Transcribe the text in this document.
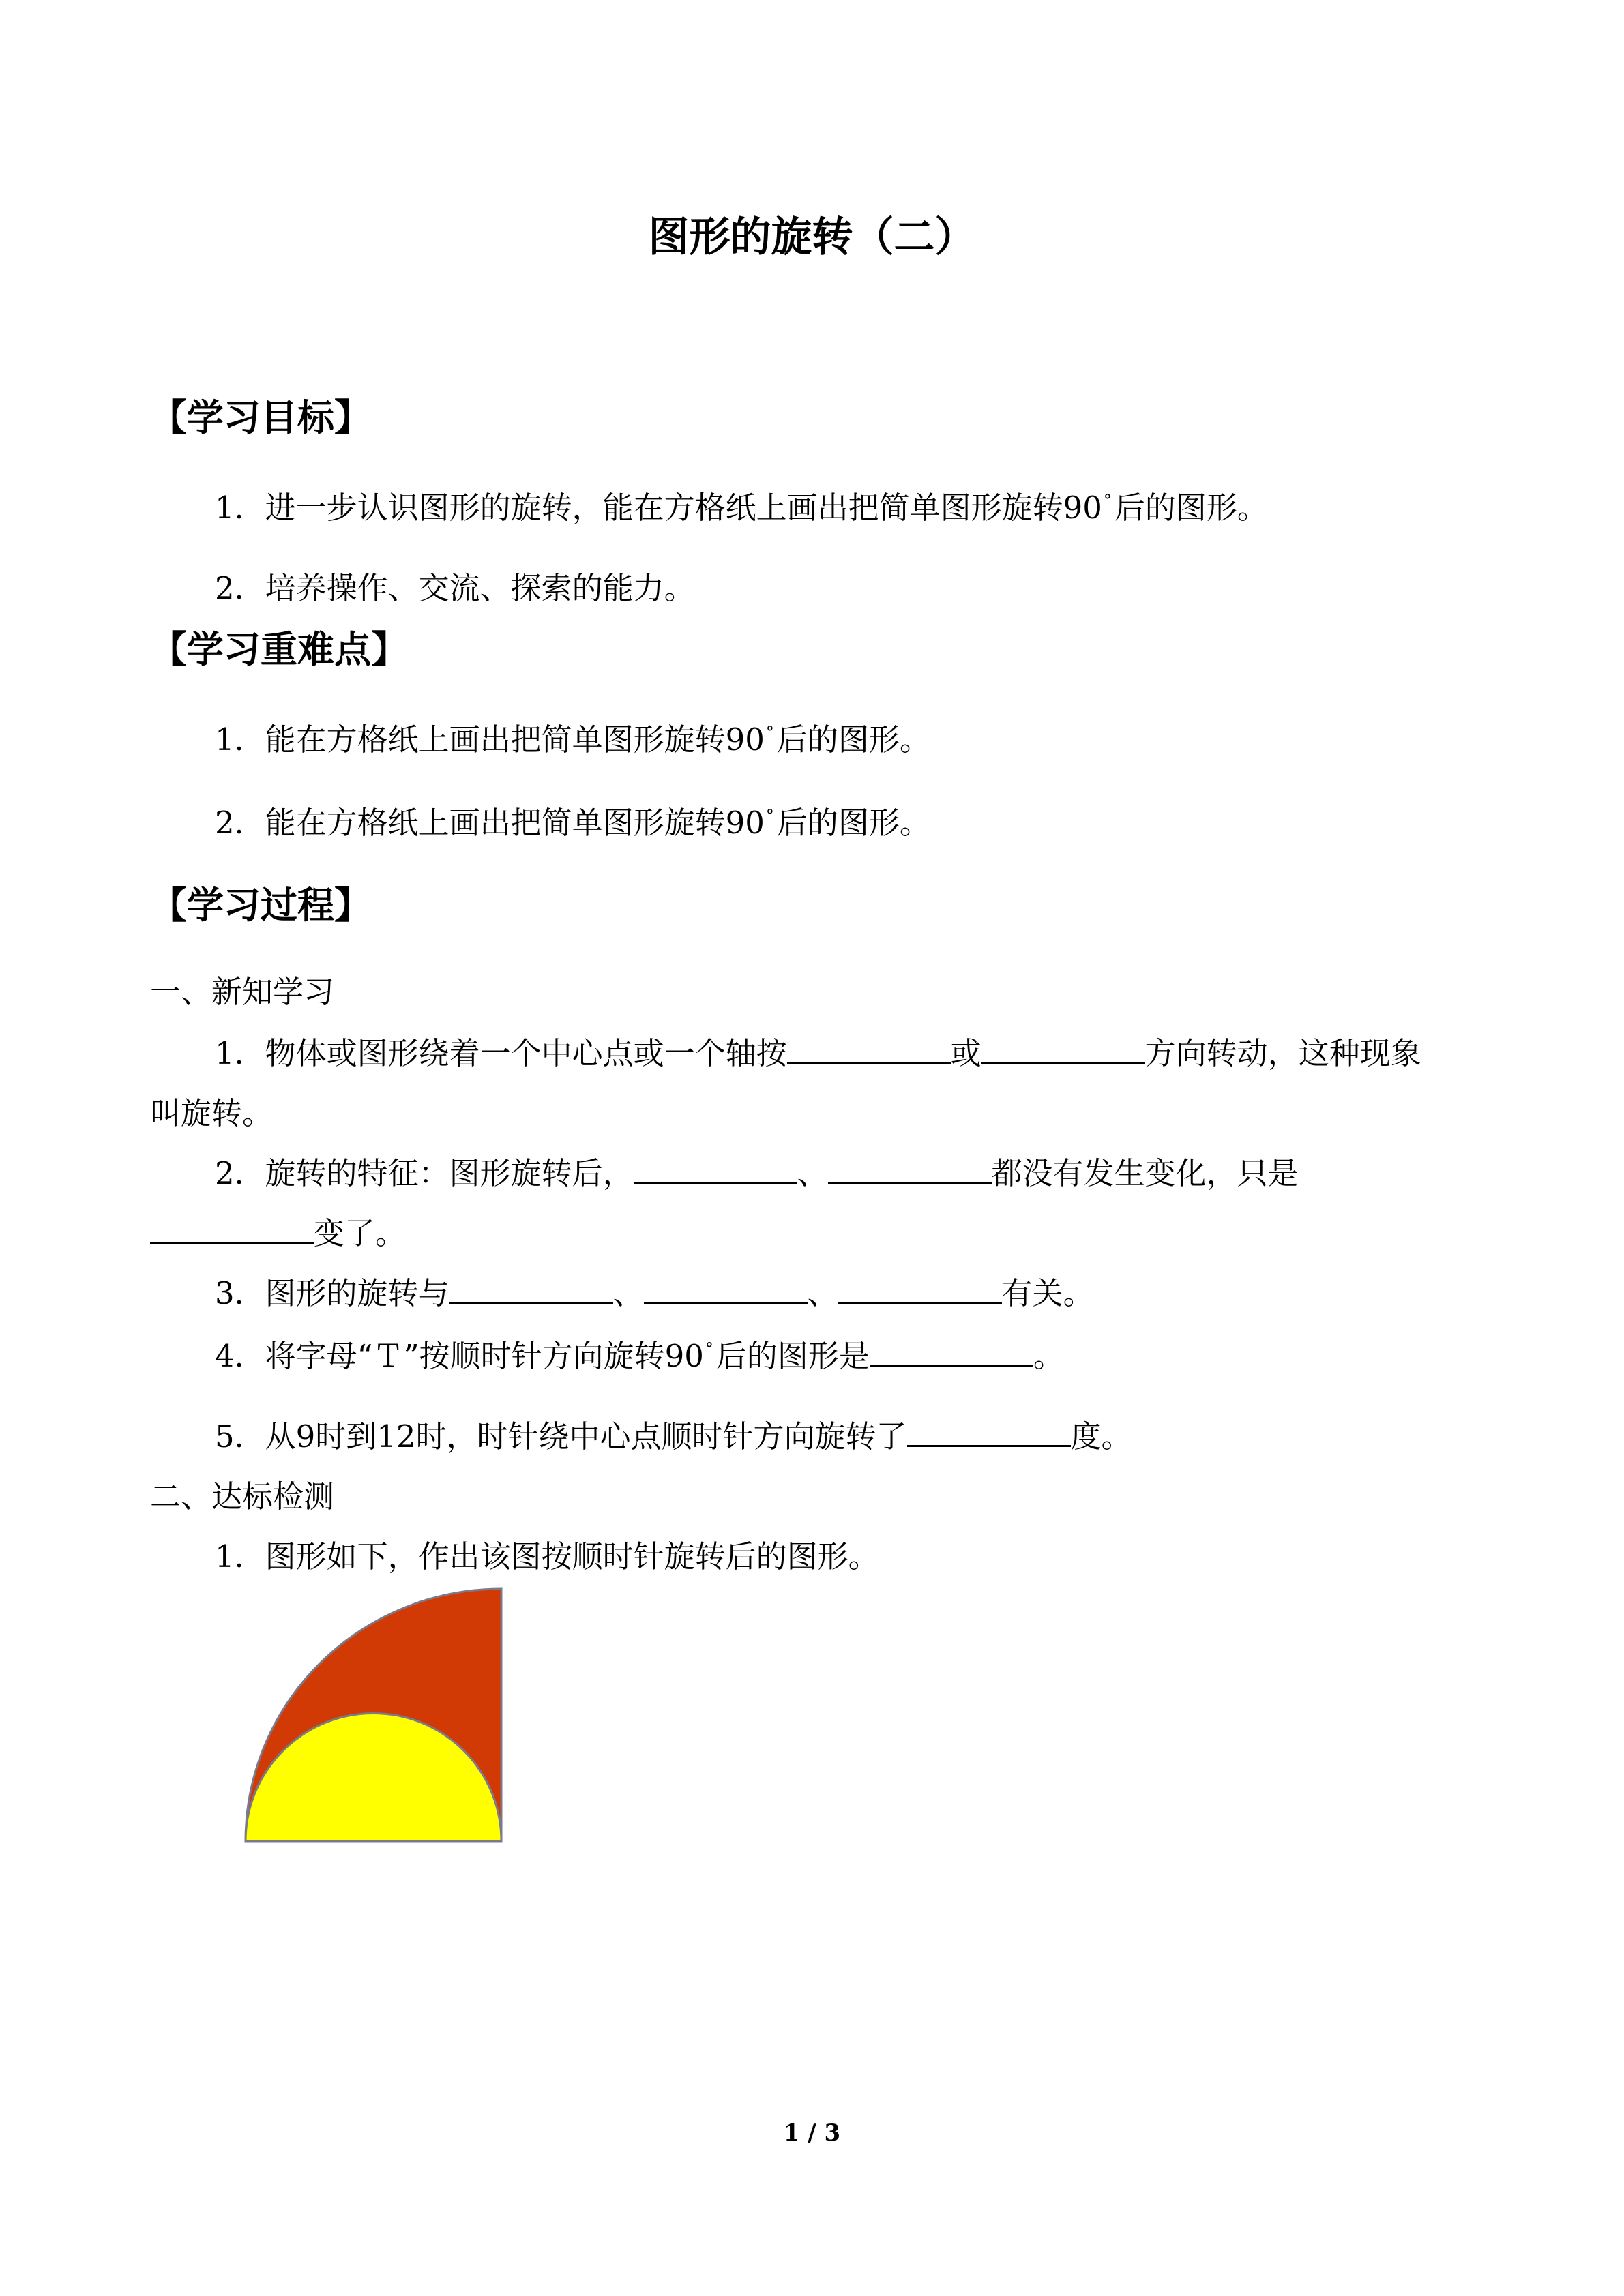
图形的旋转（二）
【学习目标】
1．进一步认识图形的旋转，能在方格纸上画出把简单图形旋转90°后的图形。
2．培养操作、交流、探索的能力。
【学习重难点】
1．能在方格纸上画出把简单图形旋转90°后的图形。
2．能在方格纸上画出把简单图形旋转90°后的图形。
【学习过程】
一、新知学习
1．物体或图形绕着一个中心点或一个轴按	或	方向转动，这种现象
叫旋转。
2．旋转的特征：图形旋转后，	、	都没有发生变化，只是
变了。
3．图形的旋转与	、	、	有关。
4．将字母“Ｔ”按顺时针方向旋转90°后的图形是	。
5．从9时到12时，时针绕中心点顺时针方向旋转了	度。
二、达标检测
1．图形如下，作出该图按顺时针旋转后的图形。
1 / 3
